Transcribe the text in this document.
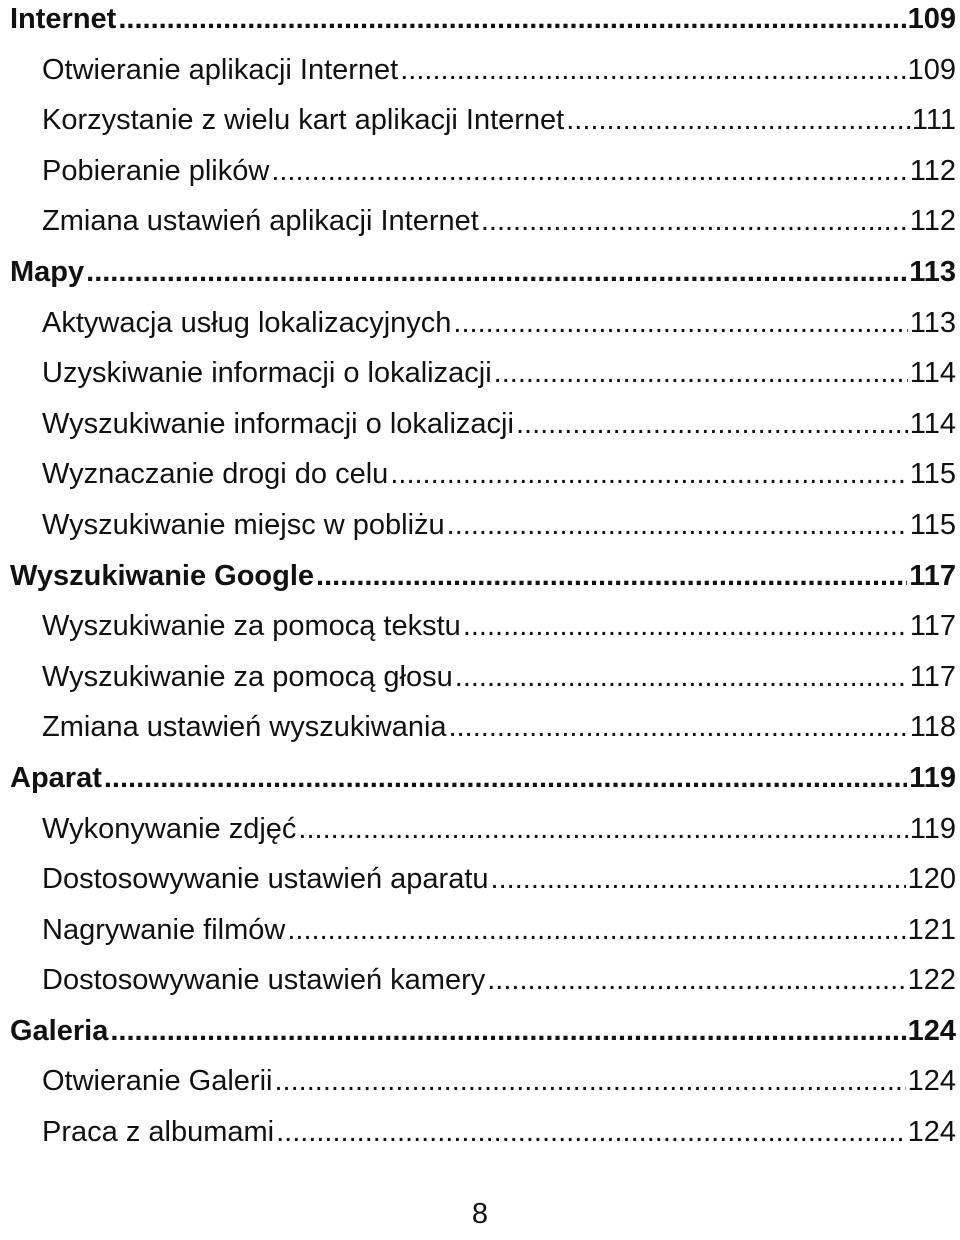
Internet .....	109
Otwieranie aplikacji Internet .....	109
Korzystanie z wielu kart aplikacji Internet .....	111
Pobieranie plików .....	112
Zmiana ustawień aplikacji Internet .....	112
Mapy .....	113
Aktywacja usług lokalizacyjnych .....	113
Uzyskiwanie informacji o lokalizacji .....	114
Wyszukiwanie informacji o lokalizacji .....	114
Wyznaczanie drogi do celu .....	115
Wyszukiwanie miejsc w pobliżu .....	115
Wyszukiwanie Google .....	117
Wyszukiwanie za pomocą tekstu .....	117
Wyszukiwanie za pomocą głosu .....	117
Zmiana ustawień wyszukiwania .....	118
Aparat .....	119
Wykonywanie zdjęć .....	119
Dostosowywanie ustawień aparatu .....	120
Nagrywanie filmów .....	121
Dostosowywanie ustawień kamery .....	122
Galeria .....	124
Otwieranie Galerii .....	124
Praca z albumami .....	124
8
